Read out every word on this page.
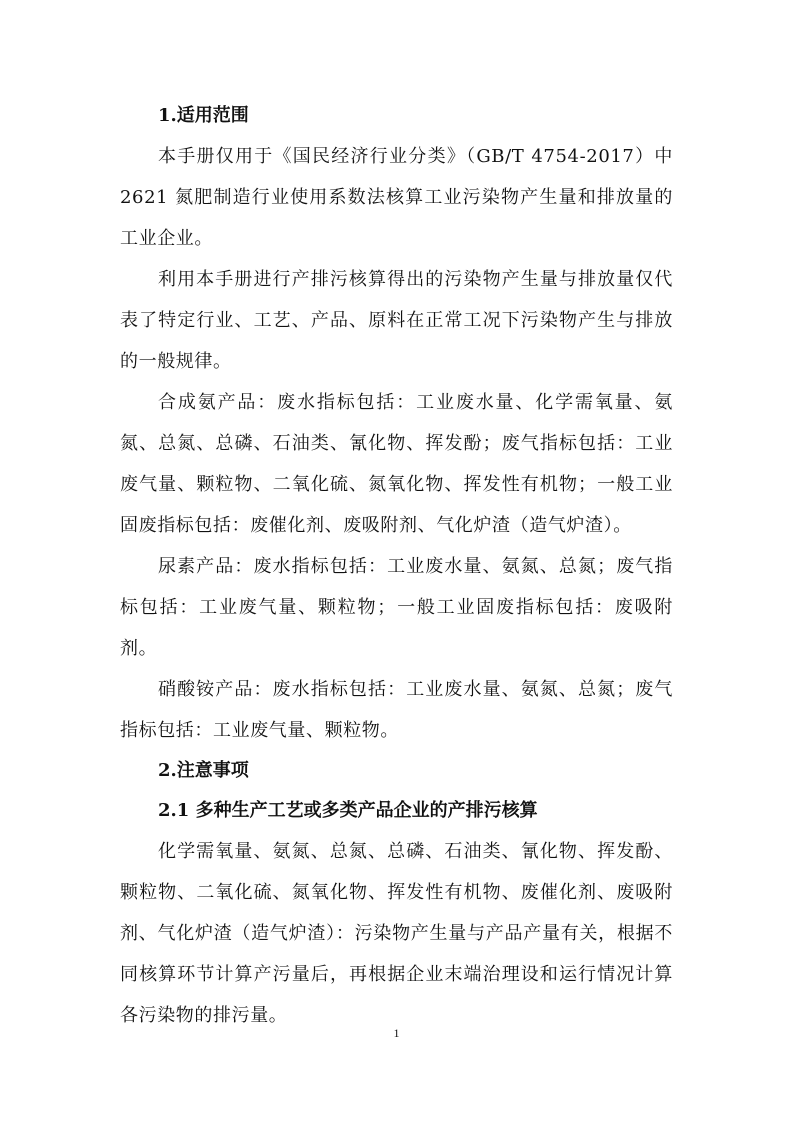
1.适用范围

本手册仅用于《国民经济行业分类》（GB/T 4754-2017）中 2621 氮肥制造行业使用系数法核算工业污染物产生量和排放量的工业企业。

利用本手册进行产排污核算得出的污染物产生量与排放量仅代表了特定行业、工艺、产品、原料在正常工况下污染物产生与排放的一般规律。

合成氨产品：废水指标包括：工业废水量、化学需氧量、氨氮、总氮、总磷、石油类、氰化物、挥发酚；废气指标包括：工业废气量、颗粒物、二氧化硫、氮氧化物、挥发性有机物；一般工业固废指标包括：废催化剂、废吸附剂、气化炉渣（造气炉渣）。

尿素产品：废水指标包括：工业废水量、氨氮、总氮；废气指标包括：工业废气量、颗粒物；一般工业固废指标包括：废吸附剂。

硝酸铵产品：废水指标包括：工业废水量、氨氮、总氮；废气指标包括：工业废气量、颗粒物。

2.注意事项

2.1 多种生产工艺或多类产品企业的产排污核算

化学需氧量、氨氮、总氮、总磷、石油类、氰化物、挥发酚、颗粒物、二氧化硫、氮氧化物、挥发性有机物、废催化剂、废吸附剂、气化炉渣（造气炉渣）：污染物产生量与产品产量有关，根据不同核算环节计算产污量后，再根据企业末端治理设和运行情况计算各污染物的排污量。

1
